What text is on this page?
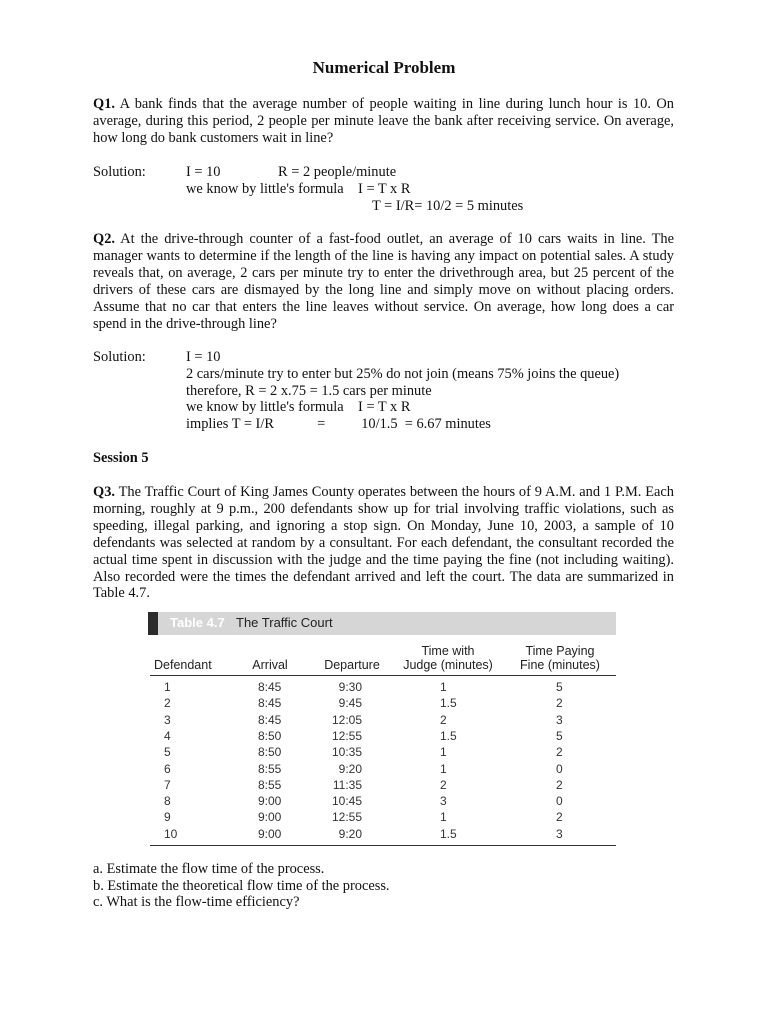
Numerical Problem
Q1. A bank finds that the average number of people waiting in line during lunch hour is 10. On average, during this period, 2 people per minute leave the bank after receiving service. On average, how long do bank customers wait in line?
Solution:	I = 10                R = 2 people/minute
we know by little's formula    I = T x R
T = I/R= 10/2 = 5 minutes
Q2. At the drive-through counter of a fast-food outlet, an average of 10 cars waits in line. The manager wants to determine if the length of the line is having any impact on potential sales. A study reveals that, on average, 2 cars per minute try to enter the drivethrough area, but 25 percent of the drivers of these cars are dismayed by the long line and simply move on without placing orders. Assume that no car that enters the line leaves without service. On average, how long does a car spend in the drive-through line?
Solution:	I = 10
2 cars/minute try to enter but 25% do not join (means 75% joins the queue)
therefore, R = 2 x.75 = 1.5 cars per minute
we know by little's formula    I = T x R
implies T = I/R            =          10/1.5  = 6.67 minutes
Session 5
Q3. The Traffic Court of King James County operates between the hours of 9 A.M. and 1 P.M. Each morning, roughly at 9 p.m., 200 defendants show up for trial involving traffic violations, such as speeding, illegal parking, and ignoring a stop sign. On Monday, June 10, 2003, a sample of 10 defendants was selected at random by a consultant. For each defendant, the consultant recorded the actual time spent in discussion with the judge and the time paying the fine (not including waiting). Also recorded were the times the defendant arrived and left the court. The data are summarized in Table 4.7.
Table 4.7 The Traffic Court
Defendant	Arrival	Departure
Time with
Judge (minutes)
Time Paying
Fine (minutes)
1	8:45	9:30	1	5
2	8:45	9:45	1.5	2
3	8:45	12:05	2	3
4	8:50	12:55	1.5	5
5	8:50	10:35	1	2
6	8:55	9:20	1	0
7	8:55	11:35	2	2
8	9:00	10:45	3	0
9	9:00	12:55	1	2
10	9:00	9:20	1.5	3
a. Estimate the flow time of the process.
b. Estimate the theoretical flow time of the process.
c. What is the flow-time efficiency?
